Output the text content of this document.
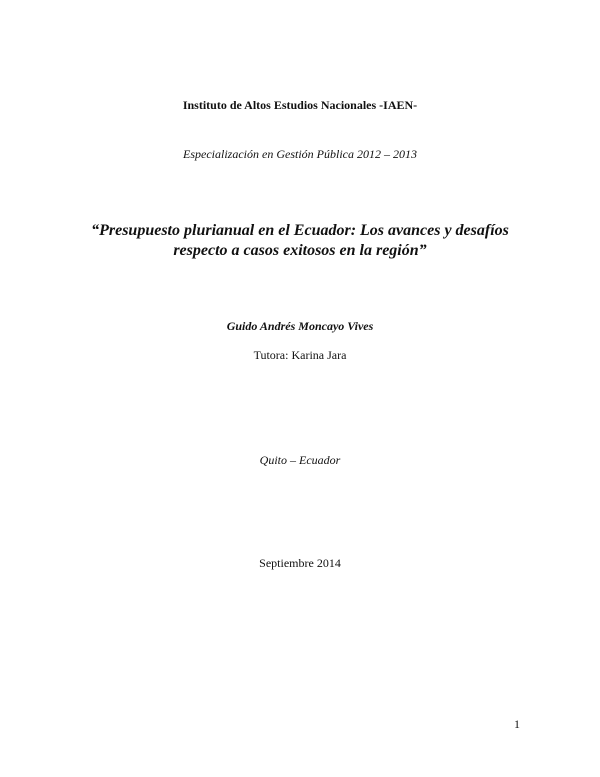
Instituto de Altos Estudios Nacionales -IAEN-
Especialización en Gestión Pública 2012 – 2013
“Presupuesto plurianual en el Ecuador: Los avances y desafíos
respecto a casos exitosos en la región”
Guido Andrés Moncayo Vives
Tutora: Karina Jara
Quito – Ecuador
Septiembre 2014
1
